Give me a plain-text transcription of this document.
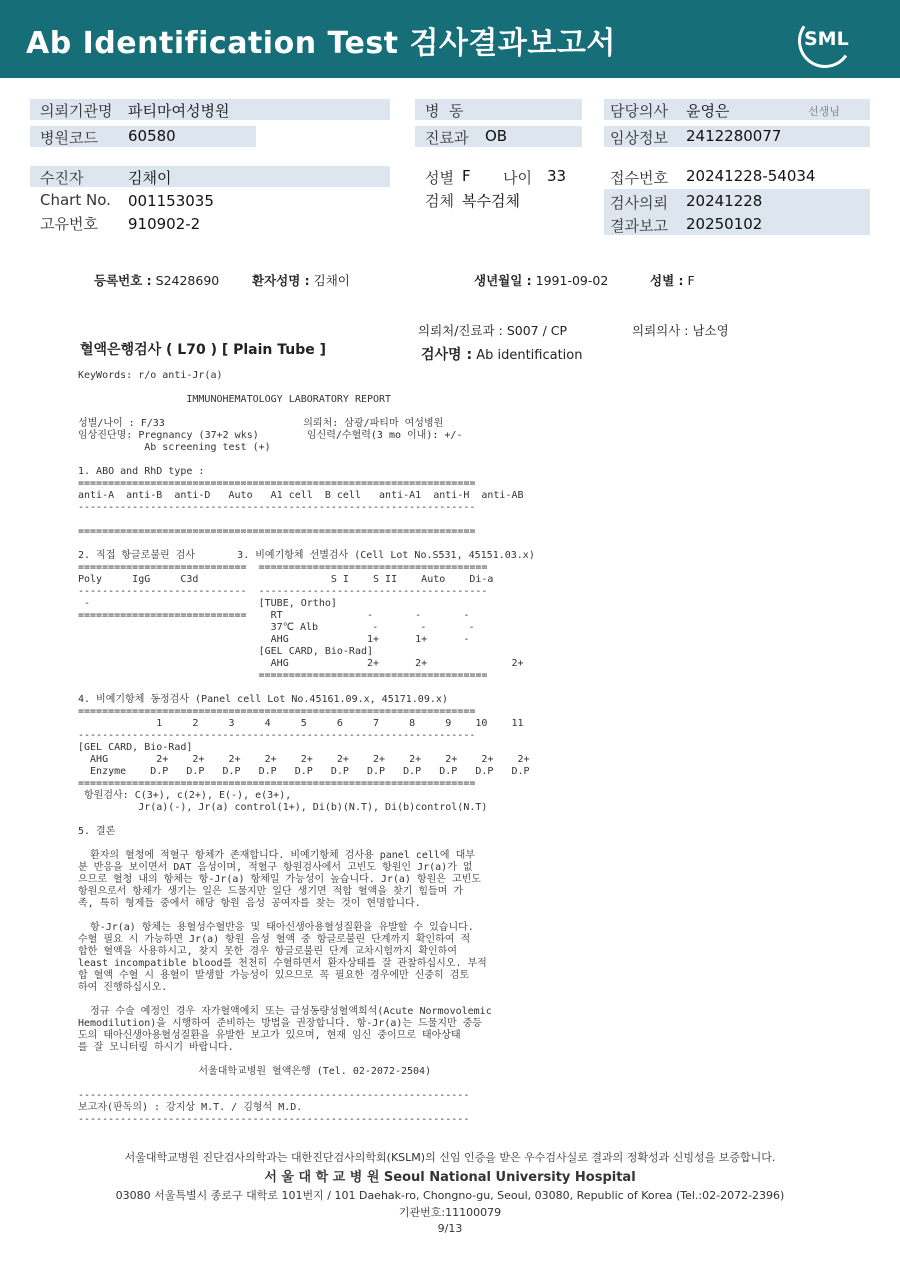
Ab Identification Test 검사결과보고서	SML
의뢰기관명 파티마여성병원
병원코드 60580
병  동
진료과 OB
담당의사 윤영은	선생님
임상정보 2412280077
수진자	김채이
Chart No. 001153035
고유번호 910902-2
성별 F 나이 33
검체 복수검체
접수번호 20241228-54034
검사의뢰 20241228
결과보고 20250102
등록번호 : S2428690	환자성명 : 김채이	생년월일 : 1991-09-02	성별 : F
의뢰처/진료과 : S007 / CP	의뢰의사 : 남소영
혈액은행검사 ( L70 ) [ Plain Tube ]	검사명 : Ab identification
KeyWords: r/o anti-Jr(a)

IMMUNOHEMATOLOGY LABORATORY REPORT

성별/나이 : F/33                       의뢰처: 삼광/파티마 여성병원
임상진단명: Pregnancy (37+2 wks)        임신력/수혈력(3 mo 이내): +/-
Ab screening test (+)

1. ABO and RhD type :
==================================================================
anti-A  anti-B  anti-D   Auto   A1 cell  B cell   anti-A1  anti-H  anti-AB
------------------------------------------------------------------

==================================================================

2. 직접 항글로불린 검사       3. 비예기항체 선별검사 (Cell Lot No.S531, 45151.03.x)
============================  ======================================
Poly     IgG     C3d                      S I    S II    Auto    Di-a
----------------------------  --------------------------------------
-                            [TUBE, Ortho]
============================    RT              -       -       -
37℃ Alb         -       -       -
AHG             1+      1+      -
[GEL CARD, Bio-Rad]
AHG             2+      2+              2+
======================================

4. 비예기항체 동정검사 (Panel cell Lot No.45161.09.x, 45171.09.x)
==================================================================
1     2     3     4     5     6     7     8     9    10    11
------------------------------------------------------------------
[GEL CARD, Bio-Rad]
AHG        2+    2+    2+    2+    2+    2+    2+    2+    2+    2+    2+
Enzyme    D.P   D.P   D.P   D.P   D.P   D.P   D.P   D.P   D.P   D.P   D.P
==================================================================
항원검사: C(3+), c(2+), E(-), e(3+),
Jr(a)(-), Jr(a) control(1+), Di(b)(N.T), Di(b)control(N.T)

5. 결론

환자의 혈청에 적혈구 항체가 존재합니다. 비예기항체 검사용 panel cell에 대부
분 반응을 보이면서 DAT 음성이며, 적혈구 항원검사에서 고빈도 항원인 Jr(a)가 없
으므로 혈청 내의 항체는 항-Jr(a) 항체일 가능성이 높습니다. Jr(a) 항원은 고빈도
항원으로서 항체가 생기는 일은 드물지만 일단 생기면 적합 혈액을 찾기 힘들며 가
족, 특히 형제들 중에서 해당 항원 음성 공여자를 찾는 것이 현명합니다.

항-Jr(a) 항체는 용혈성수혈반응 및 태아신생아용혈성질환을 유발할 수 있습니다.
수혈 필요 시 가능하면 Jr(a) 항원 음성 혈액 중 항글로불린 단계까지 확인하여 적
합한 혈액을 사용하시고, 찾지 못한 경우 항글로불린 단계 교차시험까지 확인하여
least incompatible blood를 천천히 수혈하면서 환자상태를 잘 관찰하십시오. 부적
합 혈액 수혈 시 용혈이 발생할 가능성이 있으므로 꼭 필요한 경우에만 신중히 검토
하여 진행하십시오.

정규 수술 예정인 경우 자가혈액예치 또는 급성동량성혈액희석(Acute Normovolemic
Hemodilution)을 시행하여 준비하는 방법을 권장합니다. 항-Jr(a)는 드물지만 중등
도의 태아신생아용혈성질환을 유발한 보고가 있으며, 현재 임신 중이므로 태아상태
를 잘 모니터링 하시기 바랍니다.

서울대학교병원 혈액은행 (Tel. 02-2072-2504)

-----------------------------------------------------------------
보고자(판독의) : 강지상 M.T. / 김형석 M.D.
-----------------------------------------------------------------
서울대학교병원 진단검사의학과는 대한진단검사의학회(KSLM)의 신임 인증을 받은 우수검사실로 결과의 정확성과 신빙성을 보증합니다.
서 울 대 학 교 병 원 Seoul National University Hospital
03080 서울특별시 종로구 대학로 101번지 / 101 Daehak-ro, Chongno-gu, Seoul, 03080, Republic of Korea (Tel.:02-2072-2396)
기관번호:11100079
9/13
